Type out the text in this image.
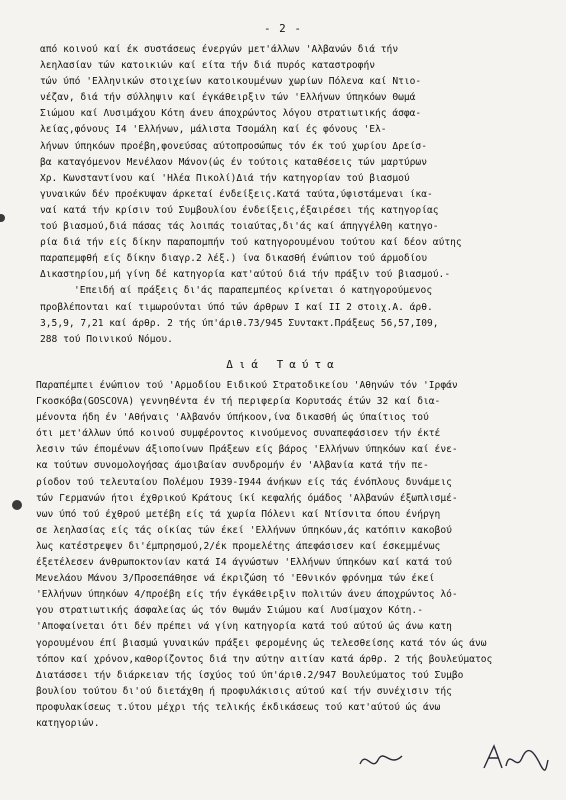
- 2 -
από κοινού καί έκ συστάσεως ένεργών μετ'άλλων 'Αλβανών διά τήν
λεηλασίαν τών κατοικιών καί είτα τήν διά πυρός καταστροφήν
τών ύπό 'Ελληνικών στοιχείων κατοικουμένων χωρίων Πόλενα καί Ντιο-
νέζαν, διά τήν σύλληψιν καί έγκάθειρξιν τών 'Ελλήνων ύπηκόων Θωμά
Σιώμου καί Λυσιμάχου Κότη άνευ άποχρώντος λόγου στρατιωτικής άσφα-
λείας,φόνους Ι4 'Ελλήνων, μάλιστα Τσομάλη καί ές φόνους 'Ελ-
λήνων ύπηκόων προέβη,φονεύσας αύτοπροσώπως τόν έκ τού χωρίου Δρείσ-
βα καταγόμενον Μενέλαον Μάνον(ώς έν τούτοις καταθέσεις τών μαρτύρων
Χρ. Κωνσταντίνου καί 'Ηλέα Πικολί)Διά τήν κατηγορίαν τού βιασμού
γυναικών δέν προέκυψαν άρκεταί ένδείξεις.Κατά ταύτα,ύφιστάμεναι ίκα-
ναί κατά τήν κρίσιν τού Συμβουλίου ένδείξεις,έξαιρέσει τής κατηγορίας
τού βιασμού,διά πάσας τάς λοιπάς τοιαύτας,δι'άς καί άπηγγέλθη κατηγο-
ρία διά τήν είς δίκην παραπομπήν τού κατηγορουμένου τούτου καί δέον αύτης
παραπεμφθή είς δίκην διαγρ.2 λέξ.) ίνα δικασθή ένώπιον τού άρμοδίου
Δικαστηρίου,μή γίνη δέ κατηγορία κατ'αύτού διά τήν πράξιν τού βιασμού.-
'Επειδή αί πράξεις δι'άς παραπεμπέος κρίνεται ό κατηγορούμενος
προβλέπονται καί τιμωρούνται ύπό τών άρθρων Ι καί ΙΙ 2 στοιχ.Α. άρθ.
3,5,9, 7,21 καί άρθρ. 2 τής ύπ'άριθ.73/945 Συντακτ.Πράξεως 56,57,Ι09,
288 τού Ποινικού Νόμου.
Διά Ταύτα
Παραπέμπει ένώπιον τού 'Αρμοδίου Ειδικού Στρατοδικείου 'Αθηνών τόν 'Ιρφάν
Γκοσκόβα(GOSCOVA) γεννηθέντα έν τή περιφερία Κορυτσάς έτών 32 καί δια-
μένοντα ήδη έν 'Αθήναις 'Αλβανόν ύπήκοον,ίνα δικασθή ώς ύπαίτιος τού
ότι μετ'άλλων ύπό κοινού συμφέροντος κινούμενος συναπεφάσισεν τήν έκτέ
λεσιν τών έπομένων άξιοποίνων Πράξεων είς βάρος 'Ελλήνων ύπηκόων καί ένε-
κα τούτων συνομολογήσας άμοιβαίαν συνδρομήν έν 'Αλβανία κατά τήν πε-
ρίοδον τού τελευταίου Πολέμου Ι939-Ι944 άνήκων είς τάς ένόπλους δυνάμεις
τών Γερμανών ήτοι έχθρικού Κράτους ίκί κεφαλής όμάδος 'Αλβανών έξωπλισμέ-
νων ύπό τού έχθρού μετέβη είς τά χωρία Πόλενι καί Ντίσνιτα όπου ένήργη
σε λεηλασίας είς τάς οίκίας τών έκεί 'Ελλήνων ύπηκόων,άς κατόπιν κακοβού
λως κατέστρεψεν δι'έμπρησμού,2/έκ προμελέτης άπεφάσισεν καί έσκεμμένως
έξετέλεσεν άνθρωποκτονίαν κατά Ι4 άγνώστων 'Ελλήνων ύπηκόων καί κατά τού
Μενελάου Μάνου 3/Προσεπάθησε νά έκριζώση τό 'Εθνικόν φρόνημα τών έκεί
'Ελλήνων ύπηκόων 4/προέβη είς τήν έγκάθειρξιν πολιτών άνευ άποχρώντος λό-
γου στρατιωτικής άσφαλείας ώς τόν Θωμάν Σιώμου καί Λυσίμαχον Κότη.-
'Αποφαίνεται ότι δέν πρέπει νά γίνη κατηγορία κατά τού αύτού ώς άνω κατη
γορουμένου έπί βιασμώ γυναικών πράξει φερομένης ώς τελεσθείσης κατά τόν ώς άνω
τόπον καί χρόνον,καθορίζοντος διά την αύτην αιτίαν κατά άρθρ. 2 τής βουλεύματος
Διατάσσει τήν διάρκειαν τής ίσχύος τού ύπ'άριθ.2/947 Βουλεύματος τού Συμβο
βουλίου τούτου δι'ού διετάχθη ή προφυλάκισις αύτού καί τήν συνέχισιν τής
προφυλακίσεως τ.ύτου μέχρι τής τελικής έκδικάσεως τού κατ'αύτού ώς άνω
κατηγοριών.
